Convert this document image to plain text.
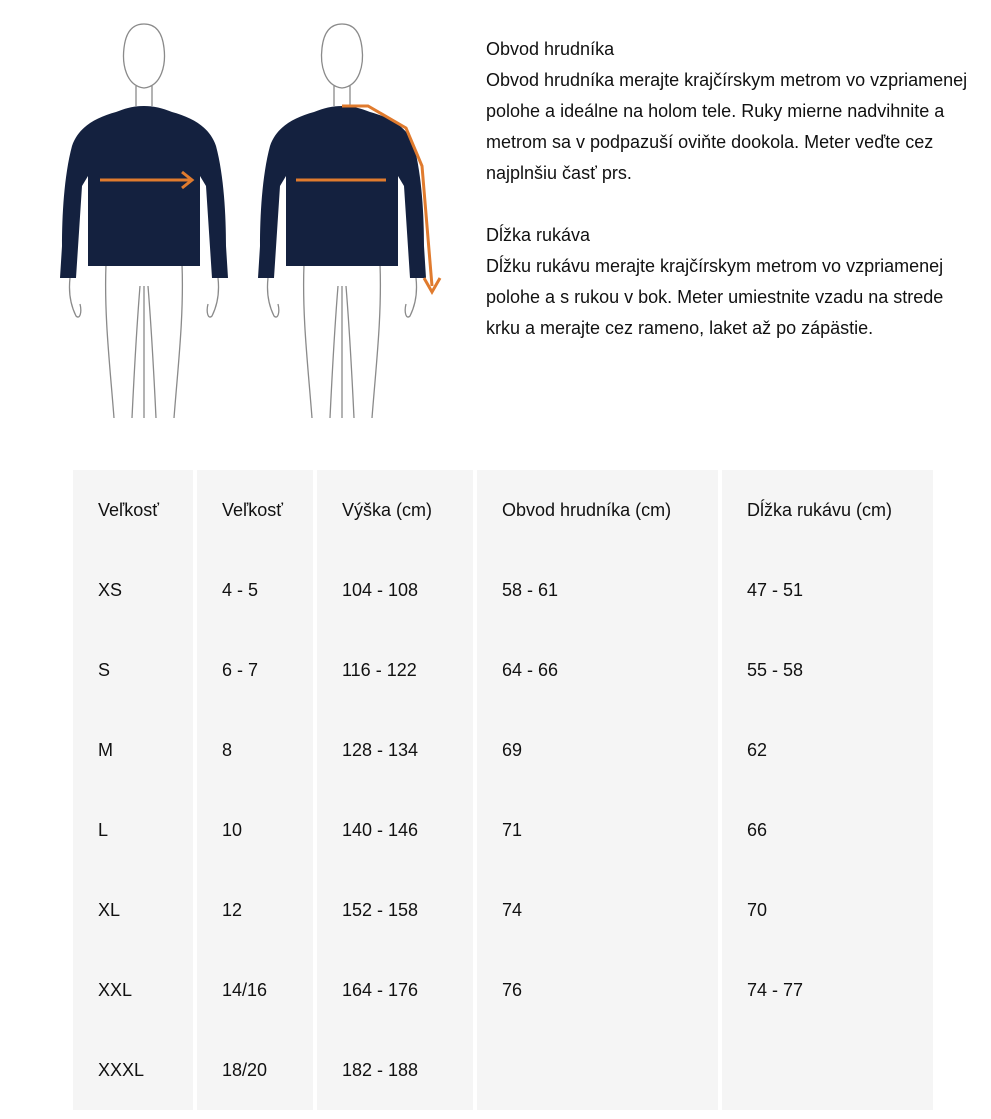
Obvod hrudníka
Obvod hrudníka merajte krajčírskym metrom vo vzpriamenej polohe a ideálne na holom tele. Ruky mierne nadvihnite a metrom sa v podpazuší oviňte dookola. Meter veďte cez najplnšiu časť prs.
Dĺžka rukáva
Dĺžku rukávu merajte krajčírskym metrom vo vzpriamenej polohe a s rukou v bok. Meter umiestnite vzadu na strede krku a merajte cez rameno, laket až po zápästie.
Veľkosť	Veľkosť	Výška (cm)	Obvod hrudníka (cm)	Dĺžka rukávu (cm)
XS	4 - 5	104 - 108	58 - 61	47 - 51
S	6 - 7	116 - 122	64 - 66	55 - 58
M	8	128 - 134	69	62
L	10	140 - 146	71	66
XL	12	152 - 158	74	70
XXL	14/16	164 - 176	76	74 - 77
XXXL	18/20	182 - 188		
